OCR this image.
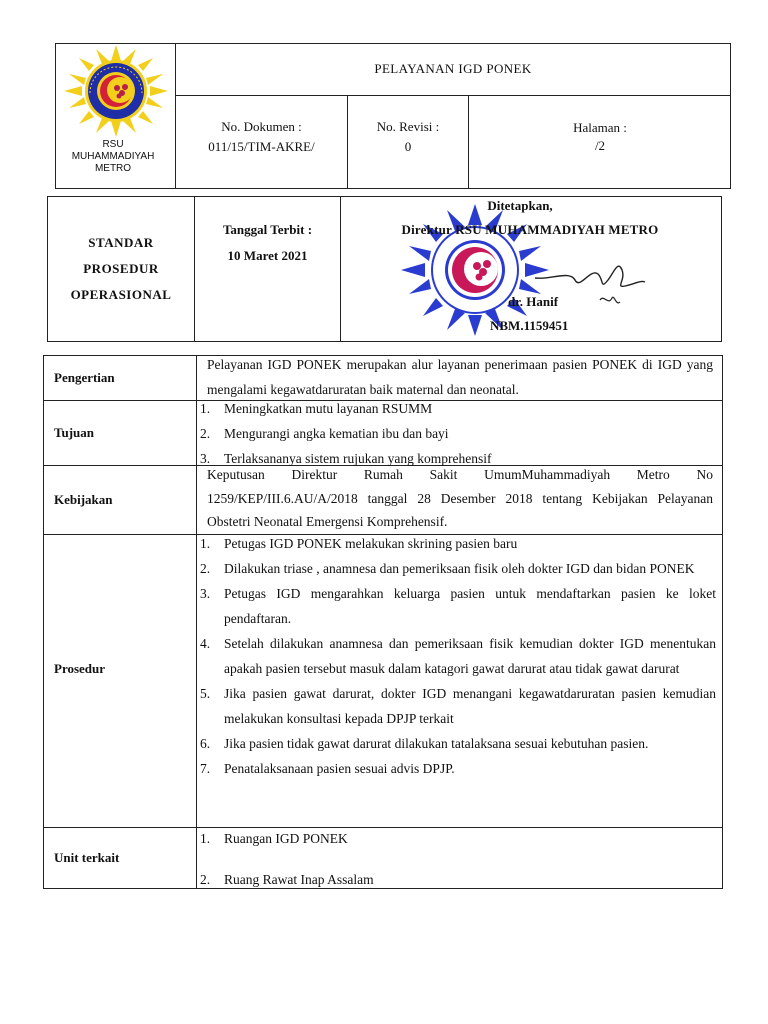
RSU
MUHAMMADIYAH
METRO
PELAYANAN IGD PONEK
No. Dokumen :
011/15/TIM-AKRE/
No. Revisi :
0
Halaman :
/2
STANDAR
PROSEDUR
OPERASIONAL
Tanggal Terbit :
10 Maret 2021
Ditetapkan,
Direktur RSU MUHAMMADIYAH METRO
dr. Hanif
NBM.1159451
Pengertian
Pelayanan IGD PONEK merupakan alur layanan penerimaan pasien PONEK di IGD yang mengalami kegawatdaruratan baik maternal dan neonatal.
Tujuan
1.	Meningkatkan mutu layanan RSUMM
2.	Mengurangi angka kematian ibu dan bayi
3.	Terlaksananya sistem rujukan yang komprehensif
Kebijakan
Keputusan Direktur Rumah Sakit UmumMuhammadiyah Metro No 1259/KEP/III.6.AU/A/2018 tanggal 28 Desember 2018 tentang Kebijakan Pelayanan Obstetri Neonatal Emergensi Komprehensif.
Prosedur
1.	Petugas IGD PONEK melakukan skrining pasien baru
2.	Dilakukan triase , anamnesa dan pemeriksaan fisik oleh dokter IGD dan bidan PONEK
3.	Petugas IGD mengarahkan keluarga pasien untuk mendaftarkan pasien ke loket pendaftaran.
4.	Setelah dilakukan anamnesa dan pemeriksaan fisik kemudian dokter IGD menentukan apakah pasien tersebut masuk dalam katagori gawat darurat atau tidak gawat darurat
5.	Jika pasien gawat darurat, dokter IGD menangani kegawatdaruratan pasien kemudian melakukan konsultasi kepada DPJP terkait
6.	Jika pasien tidak gawat darurat dilakukan tatalaksana sesuai kebutuhan pasien.
7.	Penatalaksanaan pasien sesuai advis DPJP.
Unit terkait
1.	Ruangan IGD PONEK
2.	Ruang Rawat Inap Assalam
